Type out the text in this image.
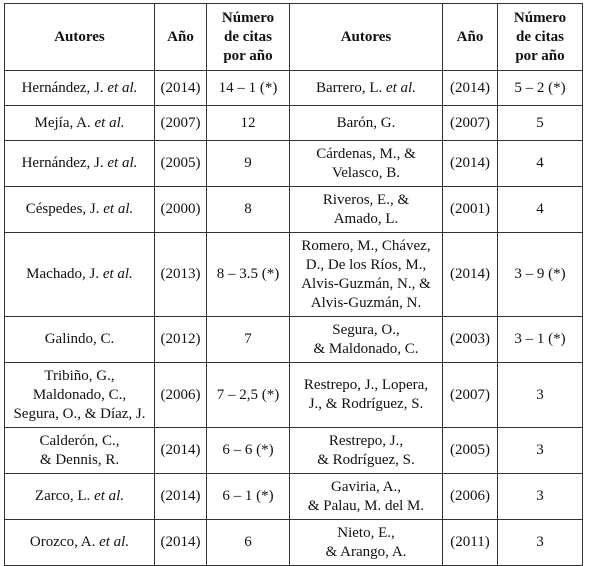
Autores	Año	Número
de citas
por año	Autores	Año	Número
de citas
por año

Hernández, J. et al.	(2014)	14 – 1 (*)	Barrero, L. et al.	(2014)	5 – 2 (*)

Mejía, A. et al.	(2007)	12	Barón, G.	(2007)	5

Hernández, J. et al.	(2005)	9	Cárdenas, M., &
Velasco, B.	(2014)	4

Céspedes, J. et al.	(2000)	8	Riveros, E., &
Amado, L.	(2001)	4

Machado, J. et al.	(2013)	8 – 3.5 (*)	Romero, M., Chávez,
D., De los Ríos, M.,
Alvis-Guzmán, N., &
Alvis-Guzmán, N.	(2014)	3 – 9 (*)

Galindo, C.	(2012)	7	Segura, O.,
& Maldonado, C.	(2003)	3 – 1 (*)

Tribiño, G.,
Maldonado, C.,
Segura, O., & Díaz, J.	(2006)	7 – 2,5 (*)	Restrepo, J., Lopera,
J., & Rodríguez, S.	(2007)	3

Calderón, C.,
& Dennis, R.	(2014)	6 – 6 (*)	Restrepo, J.,
& Rodríguez, S.	(2005)	3

Zarco, L. et al.	(2014)	6 – 1 (*)	Gaviria, A.,
& Palau, M. del M.	(2006)	3

Orozco, A. et al.	(2014)	6	Nieto, E.,
& Arango, A.	(2011)	3
